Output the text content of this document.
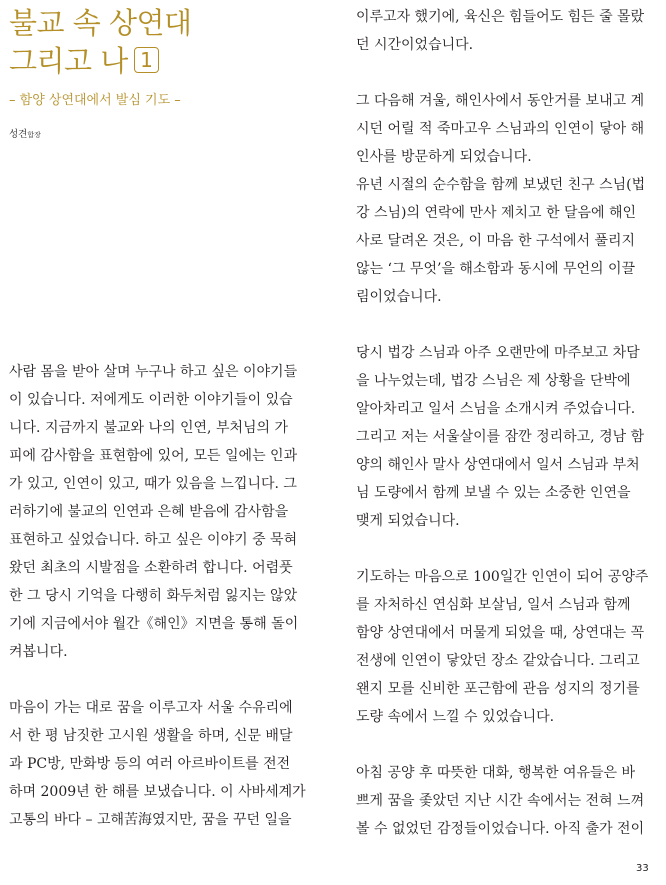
불교 속 상연대
그리고 나 1
– 함양 상연대에서 발심 기도 –
성견합장
사람 몸을 받아 살며 누구나 하고 싶은 이야기들
이 있습니다. 저에게도 이러한 이야기들이 있습
니다. 지금까지 불교와 나의 인연, 부처님의 가
피에 감사함을 표현함에 있어, 모든 일에는 인과
가 있고, 인연이 있고, 때가 있음을 느낍니다. 그
러하기에 불교의 인연과 은혜 받음에 감사함을
표현하고 싶었습니다. 하고 싶은 이야기 중 묵혀
왔던 최초의 시발점을 소환하려 합니다. 어렴풋
한 그 당시 기억을 다행히 화두처럼 잃지는 않았
기에 지금에서야 월간《해인》지면을 통해 돌이
켜봅니다.
마음이 가는 대로 꿈을 이루고자 서울 수유리에
서 한 평 남짓한 고시원 생활을 하며, 신문 배달
과 PC방, 만화방 등의 여러 아르바이트를 전전
하며 2009년 한 해를 보냈습니다. 이 사바세계가
고통의 바다 – 고해苦海였지만, 꿈을 꾸던 일을
이루고자 했기에, 육신은 힘들어도 힘든 줄 몰랐
던 시간이었습니다.
그 다음해 겨울, 해인사에서 동안거를 보내고 계
시던 어릴 적 죽마고우 스님과의 인연이 닿아 해
인사를 방문하게 되었습니다.
유년 시절의 순수함을 함께 보냈던 친구 스님(법
강 스님)의 연락에 만사 제치고 한 달음에 해인
사로 달려온 것은, 이 마음 한 구석에서 풀리지
않는 ‘그 무엇’을 해소함과 동시에 무언의 이끌
림이었습니다.
당시 법강 스님과 아주 오랜만에 마주보고 차담
을 나누었는데, 법강 스님은 제 상황을 단박에
알아차리고 일서 스님을 소개시켜 주었습니다.
그리고 저는 서울살이를 잠깐 정리하고, 경남 함
양의 해인사 말사 상연대에서 일서 스님과 부처
님 도량에서 함께 보낼 수 있는 소중한 인연을
맺게 되었습니다.
기도하는 마음으로 100일간 인연이 되어 공양주
를 자처하신 연심화 보살님, 일서 스님과 함께
함양 상연대에서 머물게 되었을 때, 상연대는 꼭
전생에 인연이 닿았던 장소 같았습니다. 그리고
왠지 모를 신비한 포근함에 관음 성지의 정기를
도량 속에서 느낄 수 있었습니다.
아침 공양 후 따뜻한 대화, 행복한 여유들은 바
쁘게 꿈을 좇았던 지난 시간 속에서는 전혀 느껴
볼 수 없었던 감정들이었습니다. 아직 출가 전이
33
